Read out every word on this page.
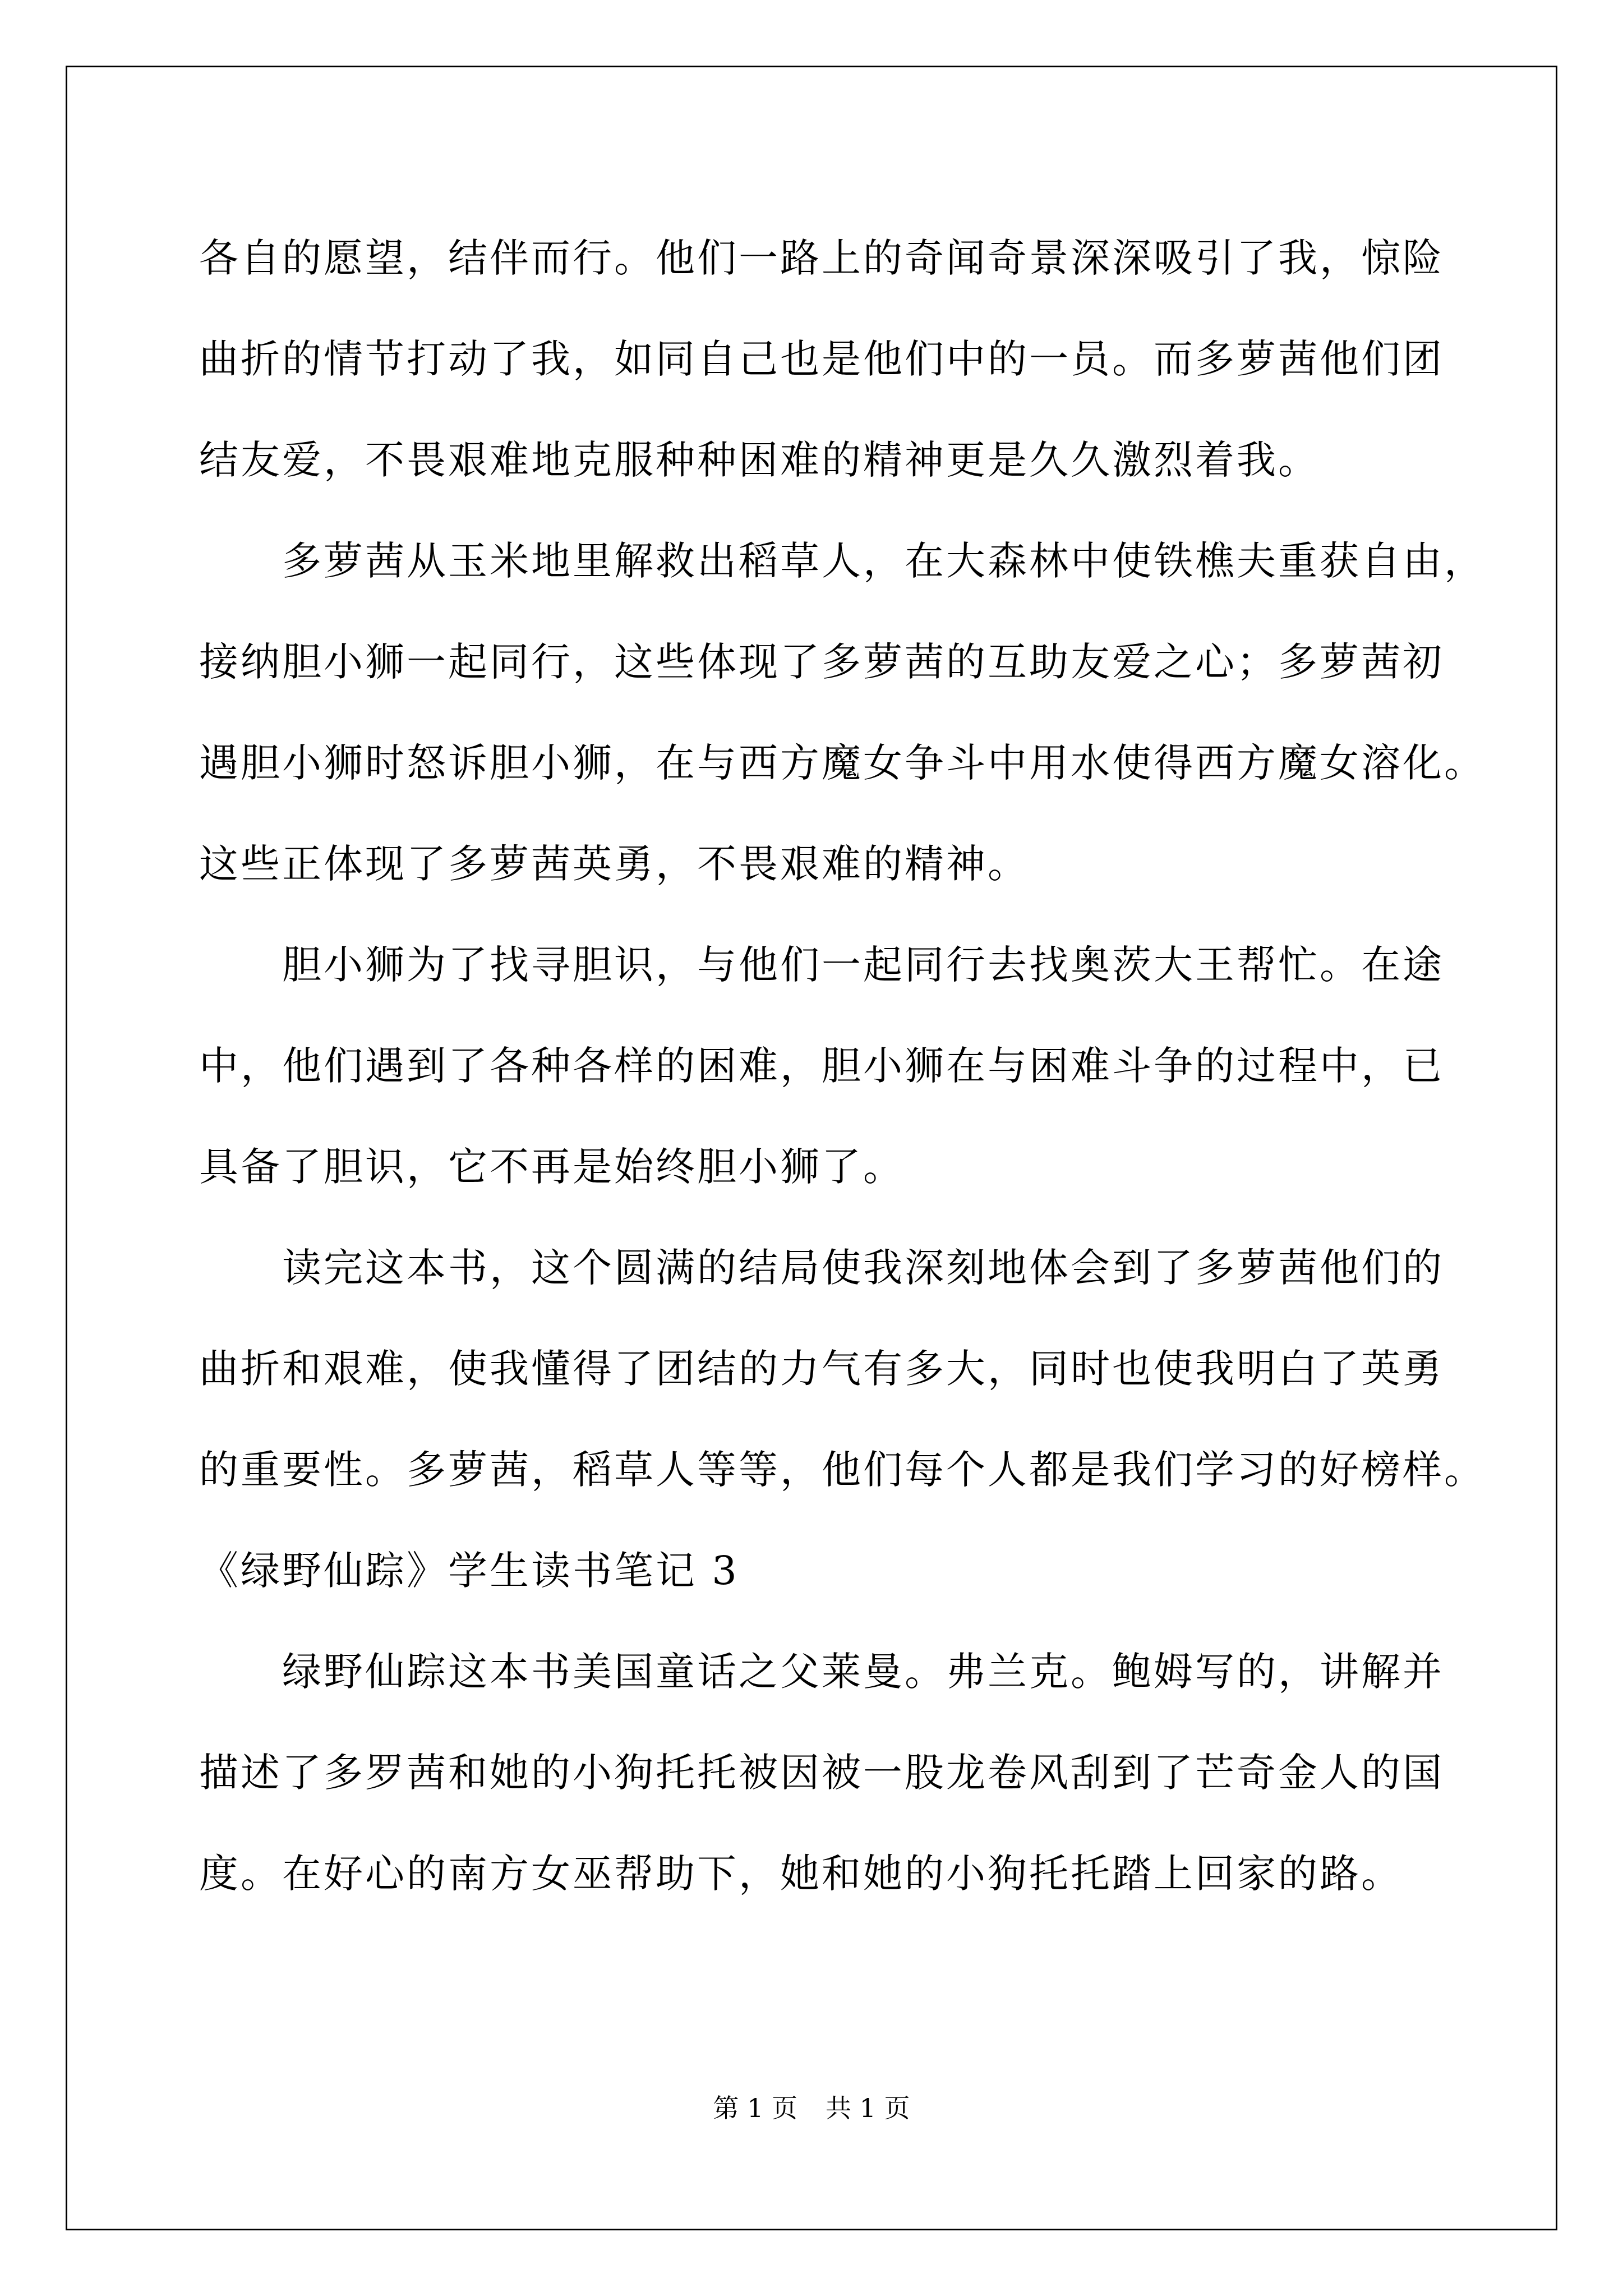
各自的愿望，结伴而行。他们一路上的奇闻奇景深深吸引了我，惊险
曲折的情节打动了我，如同自己也是他们中的一员。而多萝茜他们团
结友爱，不畏艰难地克服种种困难的精神更是久久激烈着我。
多萝茜从玉米地里解救出稻草人，在大森林中使铁樵夫重获自由，
接纳胆小狮一起同行，这些体现了多萝茜的互助友爱之心；多萝茜初
遇胆小狮时怒诉胆小狮，在与西方魔女争斗中用水使得西方魔女溶化。
这些正体现了多萝茜英勇，不畏艰难的精神。
胆小狮为了找寻胆识，与他们一起同行去找奥茨大王帮忙。在途
中，他们遇到了各种各样的困难，胆小狮在与困难斗争的过程中，已
具备了胆识，它不再是始终胆小狮了。
读完这本书，这个圆满的结局使我深刻地体会到了多萝茜他们的
曲折和艰难，使我懂得了团结的力气有多大，同时也使我明白了英勇
的重要性。多萝茜，稻草人等等，他们每个人都是我们学习的好榜样。
《绿野仙踪》学生读书笔记 3
绿野仙踪这本书美国童话之父莱曼。弗兰克。鲍姆写的，讲解并
描述了多罗茜和她的小狗托托被因被一股龙卷风刮到了芒奇金人的国
度。在好心的南方女巫帮助下，她和她的小狗托托踏上回家的路。
第 1 页 共 1 页
